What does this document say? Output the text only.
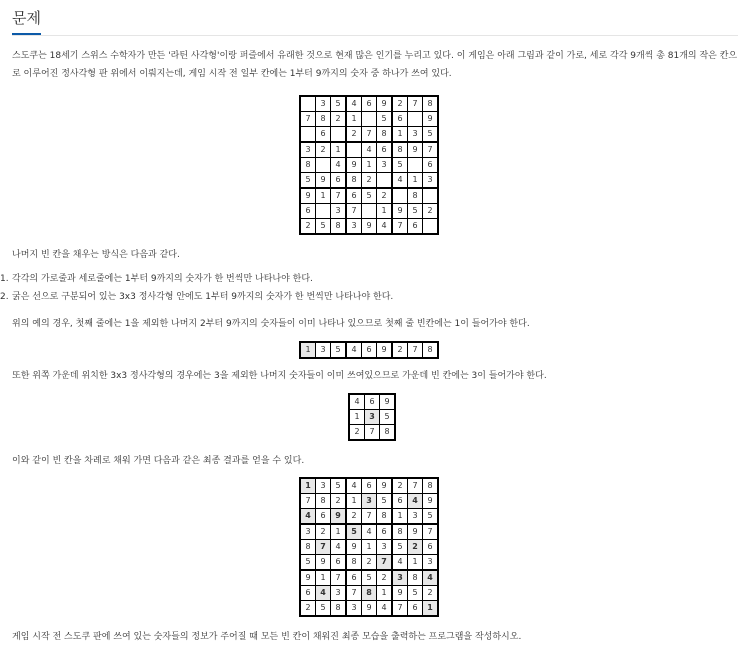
문제

스도쿠는 18세기 스위스 수학자가 만든 '라틴 사각형'이랑 퍼즐에서 유래한 것으로 현재 많은 인기를 누리고 있다. 이 게임은 아래 그림과 같이 가로, 세로 각각 9개씩 총 81개의 작은 칸으로 이루어진 정사각형 판 위에서 이뤄지는데, 게임 시작 전 일부 칸에는 1부터 9까지의 숫자 중 하나가 쓰여 있다.

	3	5	4	6	9	2	7	8
7	8	2	1		5	6		9
	6		2	7	8	1	3	5
3	2	1		4	6	8	9	7
8		4	9	1	3	5		6
5	9	6	8	2		4	1	3
9	1	7	6	5	2		8	
6		3	7		1	9	5	2
2	5	8	3	9	4	7	6	

나머지 빈 칸을 채우는 방식은 다음과 같다.

1. 각각의 가로줄과 세로줄에는 1부터 9까지의 숫자가 한 번씩만 나타나야 한다.
2. 굵은 선으로 구분되어 있는 3x3 정사각형 안에도 1부터 9까지의 숫자가 한 번씩만 나타나야 한다.

위의 예의 경우, 첫째 줄에는 1을 제외한 나머지 2부터 9까지의 숫자들이 이미 나타나 있으므로 첫째 줄 빈칸에는 1이 들어가야 한다.

1	3	5	4	6	9	2	7	8

또한 위쪽 가운데 위치한 3x3 정사각형의 경우에는 3을 제외한 나머지 숫자들이 이미 쓰여있으므로 가운데 빈 칸에는 3이 들어가야 한다.

4	6	9
1	3	5
2	7	8

이와 같이 빈 칸을 차례로 채워 가면 다음과 같은 최종 결과를 얻을 수 있다.

1	3	5	4	6	9	2	7	8
7	8	2	1	3	5	6	4	9
4	6	9	2	7	8	1	3	5
3	2	1	5	4	6	8	9	7
8	7	4	9	1	3	5	2	6
5	9	6	8	2	7	4	1	3
9	1	7	6	5	2	3	8	4
6	4	3	7	8	1	9	5	2
2	5	8	3	9	4	7	6	1

게임 시작 전 스도쿠 판에 쓰여 있는 숫자들의 정보가 주어질 때 모든 빈 칸이 채워진 최종 모습을 출력하는 프로그램을 작성하시오.
